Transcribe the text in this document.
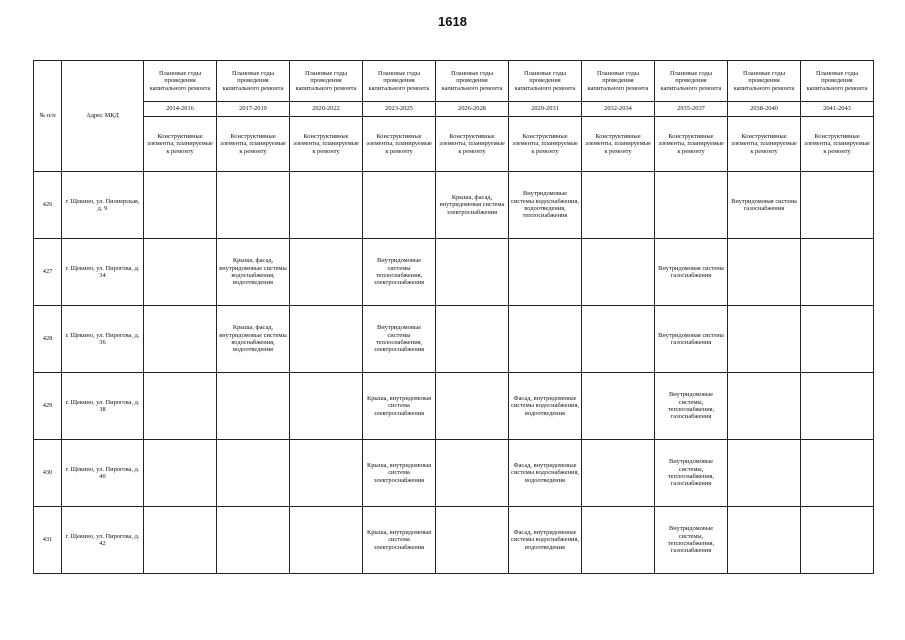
1618
№ п/п	Адрес МКД	Плановые годы проведения капитального ремонта	Плановые годы проведения капитального ремонта	Плановые годы проведения капитального ремонта	Плановые годы проведения капитального ремонта	Плановые годы проведения капитального ремонта	Плановые годы проведения капитального ремонта	Плановые годы проведения капитального ремонта	Плановые годы проведения капитального ремонта	Плановые годы проведения капитального ремонта	Плановые годы проведения капитального ремонта
		2014-2016	2017-2019	2020-2022	2023-2025	2026-2028	2029-2031	2032-2034	2035-2037	2038-2040	2041-2043
		Конструктивные элементы, планируемые к ремонту	Конструктивные элементы, планируемые к ремонту	Конструктивные элементы, планируемые к ремонту	Конструктивные элементы, планируемые к ремонту	Конструктивные элементы, планируемые к ремонту	Конструктивные элементы, планируемые к ремонту	Конструктивные элементы, планируемые к ремонту	Конструктивные элементы, планируемые к ремонту	Конструктивные элементы, планируемые к ремонту	Конструктивные элементы, планируемые к ремонту
426	г. Щекино, ул. Пионерская, д. 9					Крыша, фасад, внутридомовая система электроснабжения	Внутридомовые системы водоснабжения, водоотведения, теплоснабжения			Внутридомовая система газоснабжения	
427	г. Щекино, ул. Пирогова, д. 34		Крыша, фасад, внутридомовые системы водоснабжения, водоотведения		Внутридомовые системы теплоснабжения, электроснабжения				Внутридомовая система газоснабжения		
428	г. Щекино, ул. Пирогова, д. 36		Крыша, фасад, внутридомовые системы водоснабжения, водоотведения		Внутридомовые системы теплоснабжения, электроснабжения				Внутридомовая система газоснабжения		
429	г. Щекино, ул. Пирогова, д. 38				Крыша, внутридомовая система электроснабжения		Фасад, внутридомовые системы водоснабжения, водоотведения		Внутридомовые системы, теплоснабжения, газоснабжения		
430	г. Щекино, ул. Пирогова, д. 40				Крыша, внутридомовая система электроснабжения		Фасад, внутридомовые системы водоснабжения, водоотведения		Внутридомовые системы, теплоснабжения, газоснабжения		
431	г. Щекино, ул. Пирогова, д. 42				Крыша, внутридомовая система электроснабжения		Фасад, внутридомовые системы водоснабжения, водоотведения		Внутридомовые системы, теплоснабжения, газоснабжения		
·
·
·
·
